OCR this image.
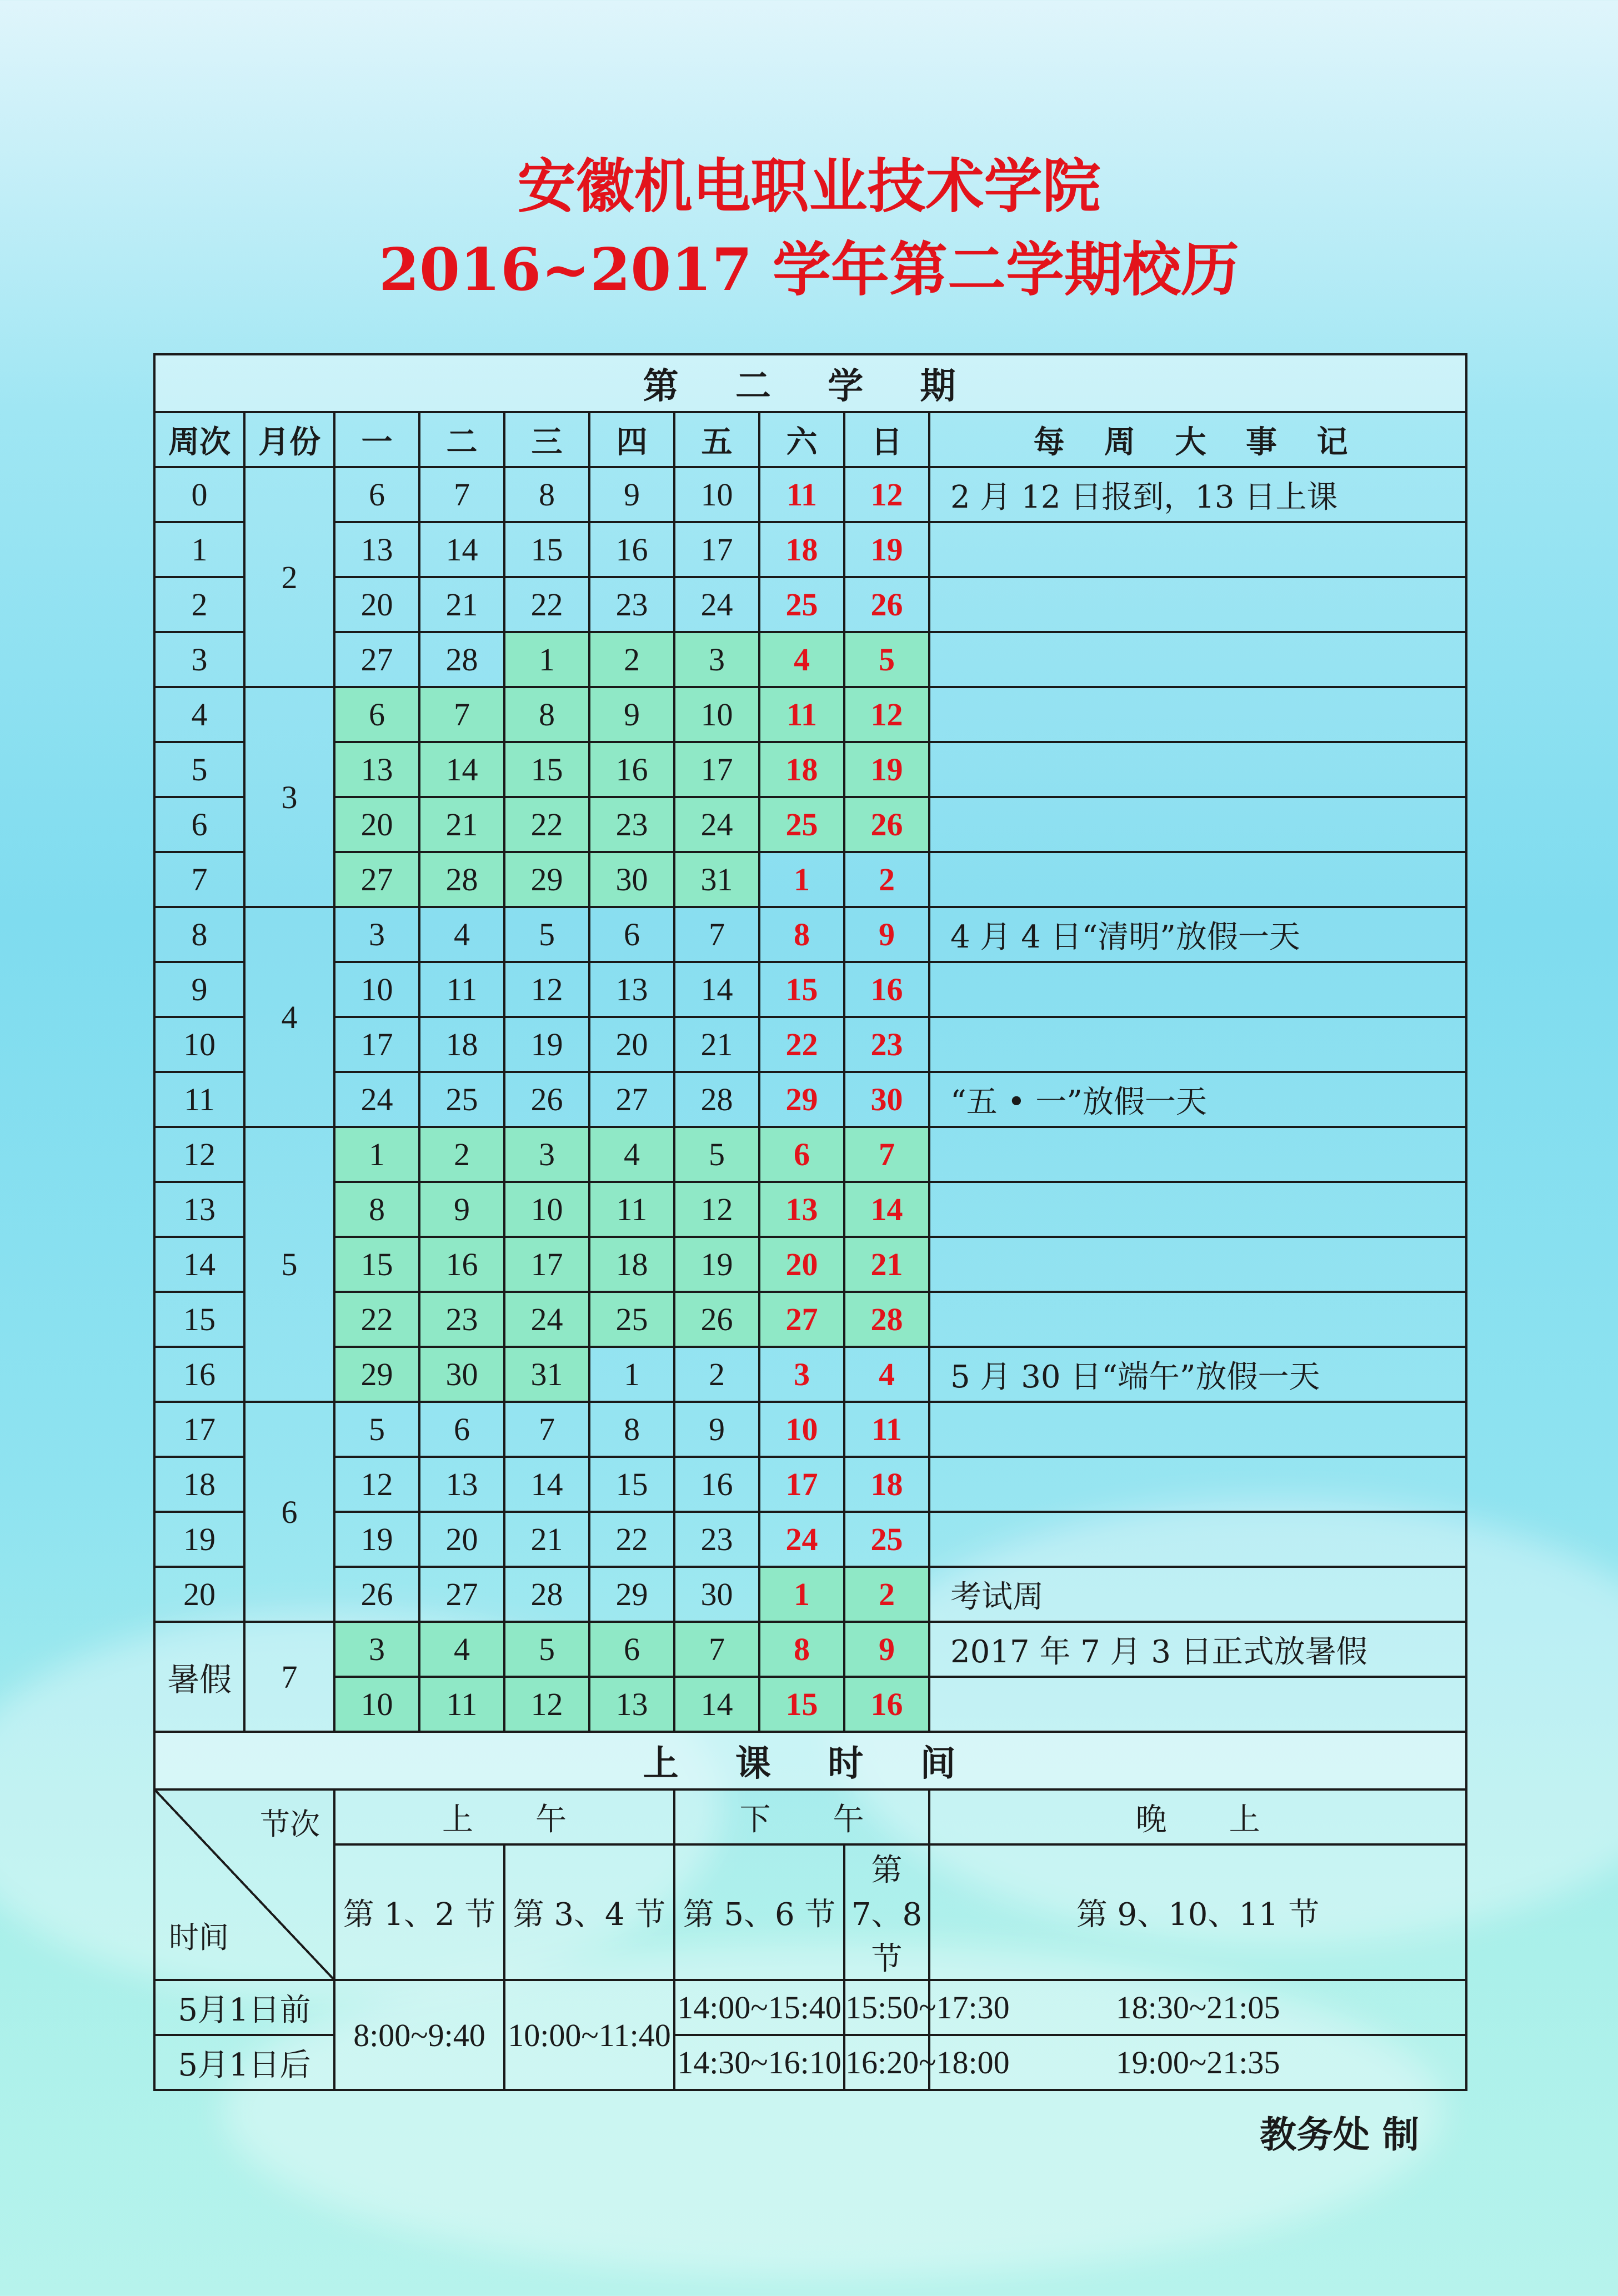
安徽机电职业技术学院
2016~2017 学年第二学期校历
第 二 学 期									
周次	月份	一	二	三	四	五	六	日	每 周 大 事 记
0	2	6	7	8	9	10	11	12	2 月 12 日报到，13 日上课
1		13	14	15	16	17	18	19	
2		20	21	22	23	24	25	26	
3		27	28	1	2	3	4	5	
4	3	6	7	8	9	10	11	12	
5		13	14	15	16	17	18	19	
6		20	21	22	23	24	25	26	
7		27	28	29	30	31	1	2	
8	4	3	4	5	6	7	8	9	4 月 4 日“清明”放假一天
9		10	11	12	13	14	15	16	
10		17	18	19	20	21	22	23	
11		24	25	26	27	28	29	30	“五 • 一”放假一天
12	5	1	2	3	4	5	6	7	
13		8	9	10	11	12	13	14	
14		15	16	17	18	19	20	21	
15		22	23	24	25	26	27	28	
16		29	30	31	1	2	3	4	5 月 30 日“端午”放假一天
17	6	5	6	7	8	9	10	11	
18		12	13	14	15	16	17	18	
19		19	20	21	22	23	24	25	
20		26	27	28	29	30	1	2	考试周
暑假	7	3	4	5	6	7	8	9	2017 年 7 月 3 日正式放暑假
		10	11	12	13	14	15	16	
上 课 时 间									

节次
时间		上　　午				下　　午			晚　　上
		第 1、2 节		第 3、4 节		第 5、6 节		第 7、8 节	第 9、10、11 节
5月1日前		8:00~9:40		10:00~11:40		14:00~15:40		15:50~17:30	18:30~21:05
5月1日后						14:30~16:10		16:20~18:00	19:00~21:35

教务处 制
